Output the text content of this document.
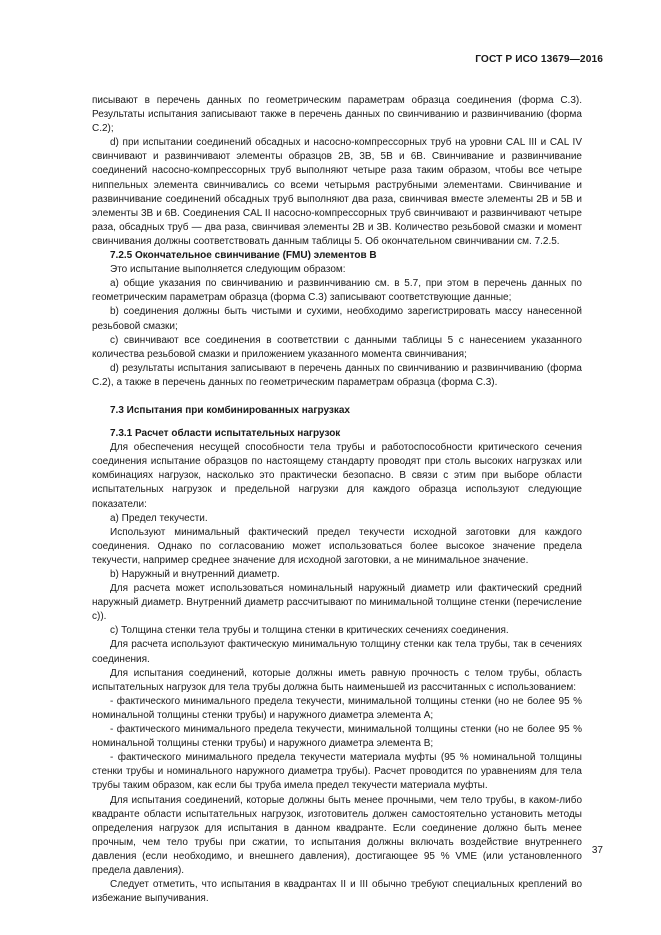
ГОСТ Р ИСО 13679—2016

писывают в перечень данных по геометрическим параметрам образца соединения (форма C.3). Результаты испытания записывают также в перечень данных по свинчиванию и развинчиванию (форма C.2);

d) при испытании соединений обсадных и насосно-компрессорных труб на уровни CAL III и CAL IV свинчивают и развинчивают элементы образцов 2B, 3B, 5B и 6B. Свинчивание и развинчивание соединений насосно-компрессорных труб выполняют четыре раза таким образом, чтобы все четыре ниппельных элемента свинчивались со всеми четырьмя раструбными элементами. Свинчивание и развинчивание соединений обсадных труб выполняют два раза, свинчивая вместе элементы 2B и 5B и элементы 3B и 6B. Соединения CAL II насосно-компрессорных труб свинчивают и развинчивают четыре раза, обсадных труб — два раза, свинчивая элементы 2B и 3B. Количество резьбовой смазки и момент свинчивания должны соответствовать данным таблицы 5. Об окончательном свинчивании см. 7.2.5.

7.2.5 Окончательное свинчивание (FMU) элементов B

Это испытание выполняется следующим образом:

a) общие указания по свинчиванию и развинчиванию см. в 5.7, при этом в перечень данных по геометрическим параметрам образца (форма C.3) записывают соответствующие данные;

b) соединения должны быть чистыми и сухими, необходимо зарегистрировать массу нанесенной резьбовой смазки;

c) свинчивают все соединения в соответствии с данными таблицы 5 с нанесением указанного количества резьбовой смазки и приложением указанного момента свинчивания;

d) результаты испытания записывают в перечень данных по свинчиванию и развинчиванию (форма C.2), а также в перечень данных по геометрическим параметрам образца (форма C.3).

7.3 Испытания при комбинированных нагрузках

7.3.1 Расчет области испытательных нагрузок

Для обеспечения несущей способности тела трубы и работоспособности критического сечения соединения испытание образцов по настоящему стандарту проводят при столь высоких нагрузках или комбинациях нагрузок, насколько это практически безопасно. В связи с этим при выборе области испытательных нагрузок и предельной нагрузки для каждого образца используют следующие показатели:

a) Предел текучести.

Используют минимальный фактический предел текучести исходной заготовки для каждого соединения. Однако по согласованию может использоваться более высокое значение предела текучести, например среднее значение для исходной заготовки, а не минимальное значение.

b) Наружный и внутренний диаметр.

Для расчета может использоваться номинальный наружный диаметр или фактический средний наружный диаметр. Внутренний диаметр рассчитывают по минимальной толщине стенки (перечисление c)).

c) Толщина стенки тела трубы и толщина стенки в критических сечениях соединения.

Для расчета используют фактическую минимальную толщину стенки как тела трубы, так в сечениях соединения.

Для испытания соединений, которые должны иметь равную прочность с телом трубы, область испытательных нагрузок для тела трубы должна быть наименьшей из рассчитанных с использованием:

- фактического минимального предела текучести, минимальной толщины стенки (но не более 95 % номинальной толщины стенки трубы) и наружного диаметра элемента A;

- фактического минимального предела текучести, минимальной толщины стенки (но не более 95 % номинальной толщины стенки трубы) и наружного диаметра элемента B;

- фактического минимального предела текучести материала муфты (95 % номинальной толщины стенки трубы и номинального наружного диаметра трубы). Расчет проводится по уравнениям для тела трубы таким образом, как если бы труба имела предел текучести материала муфты.

Для испытания соединений, которые должны быть менее прочными, чем тело трубы, в каком-либо квадранте области испытательных нагрузок, изготовитель должен самостоятельно установить методы определения нагрузок для испытания в данном квадранте. Если соединение должно быть менее прочным, чем тело трубы при сжатии, то испытания должны включать воздействие внутреннего давления (если необходимо, и внешнего давления), достигающее 95 % VME (или установленного предела давления).

Следует отметить, что испытания в квадрантах II и III обычно требуют специальных креплений во избежание выпучивания.

37
